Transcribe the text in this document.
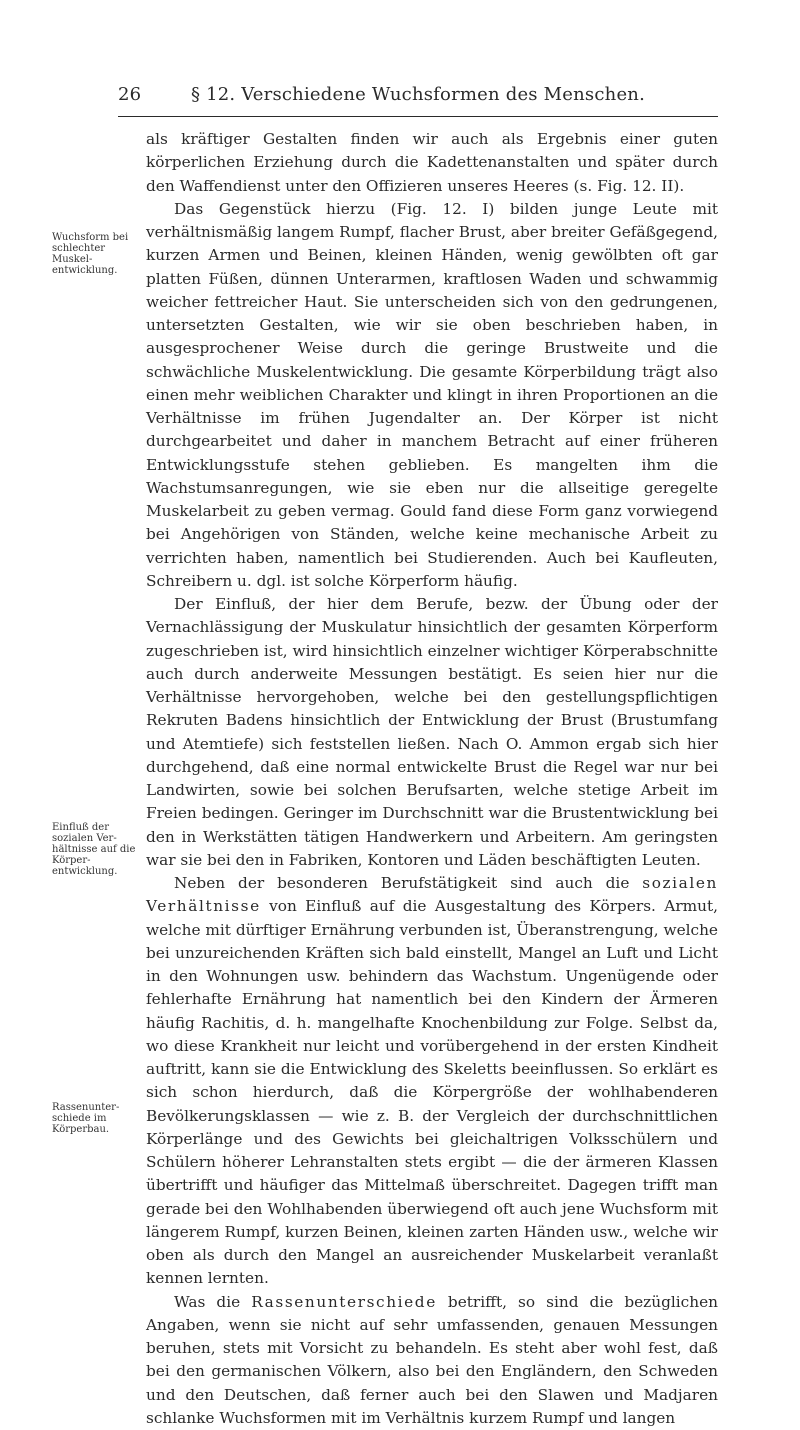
26	§ 12. Verschiedene Wuchsformen des Menschen.
Wuchsform bei schlechter Muskel-entwicklung.
Einfluß der sozialen Ver-hältnisse auf die Körper-entwicklung.
Rassenunter-schiede im Körperbau.

als kräftiger Gestalten finden wir auch als Ergebnis einer guten körperlichen Erziehung durch die Kadettenanstalten und später durch den Waffendienst unter den Offizieren unseres Heeres (s. Fig. 12. II).

Das Gegenstück hierzu (Fig. 12. I) bilden junge Leute mit verhältnismäßig langem Rumpf, flacher Brust, aber breiter Gefäßgegend, kurzen Armen und Beinen, kleinen Händen, wenig gewölbten oft gar platten Füßen, dünnen Unterarmen, kraftlosen Waden und schwammig weicher fettreicher Haut. Sie unterscheiden sich von den gedrungenen, untersetzten Gestalten, wie wir sie oben beschrieben haben, in ausgesprochener Weise durch die geringe Brustweite und die schwächliche Muskelentwicklung. Die gesamte Körperbildung trägt also einen mehr weiblichen Charakter und klingt in ihren Proportionen an die Verhältnisse im frühen Jugendalter an. Der Körper ist nicht durchgearbeitet und daher in manchem Betracht auf einer früheren Entwicklungsstufe stehen geblieben. Es mangelten ihm die Wachstumsanregungen, wie sie eben nur die allseitige geregelte Muskelarbeit zu geben vermag. Gould fand diese Form ganz vorwiegend bei Angehörigen von Ständen, welche keine mechanische Arbeit zu verrichten haben, namentlich bei Studierenden. Auch bei Kaufleuten, Schreibern u. dgl. ist solche Körperform häufig.

Der Einfluß, der hier dem Berufe, bezw. der Übung oder der Vernachlässigung der Muskulatur hinsichtlich der gesamten Körperform zugeschrieben ist, wird hinsichtlich einzelner wichtiger Körperabschnitte auch durch anderweite Messungen bestätigt. Es seien hier nur die Verhältnisse hervorgehoben, welche bei den gestellungspflichtigen Rekruten Badens hinsichtlich der Entwicklung der Brust (Brustumfang und Atemtiefe) sich feststellen ließen. Nach O. Ammon ergab sich hier durchgehend, daß eine normal entwickelte Brust die Regel war nur bei Landwirten, sowie bei solchen Berufsarten, welche stetige Arbeit im Freien bedingen. Geringer im Durchschnitt war die Brustentwicklung bei den in Werkstätten tätigen Handwerkern und Arbeitern. Am geringsten war sie bei den in Fabriken, Kontoren und Läden beschäftigten Leuten.

Neben der besonderen Berufstätigkeit sind auch die sozialen Verhältnisse von Einfluß auf die Ausgestaltung des Körpers. Armut, welche mit dürftiger Ernährung verbunden ist, Überanstrengung, welche bei unzureichenden Kräften sich bald einstellt, Mangel an Luft und Licht in den Wohnungen usw. behindern das Wachstum. Ungenügende oder fehlerhafte Ernährung hat namentlich bei den Kindern der Ärmeren häufig Rachitis, d. h. mangelhafte Knochenbildung zur Folge. Selbst da, wo diese Krankheit nur leicht und vorübergehend in der ersten Kindheit auftritt, kann sie die Entwicklung des Skeletts beeinflussen. So erklärt es sich schon hierdurch, daß die Körpergröße der wohlhabenderen Bevölkerungsklassen — wie z. B. der Vergleich der durchschnittlichen Körperlänge und des Gewichts bei gleichaltrigen Volksschülern und Schülern höherer Lehranstalten stets ergibt — die der ärmeren Klassen übertrifft und häufiger das Mittelmaß überschreitet. Dagegen trifft man gerade bei den Wohlhabenden überwiegend oft auch jene Wuchsform mit längerem Rumpf, kurzen Beinen, kleinen zarten Händen usw., welche wir oben als durch den Mangel an ausreichender Muskelarbeit veranlaßt kennen lernten.

Was die Rassenunterschiede betrifft, so sind die bezüglichen Angaben, wenn sie nicht auf sehr umfassenden, genauen Messungen beruhen, stets mit Vorsicht zu behandeln. Es steht aber wohl fest, daß bei den germanischen Völkern, also bei den Engländern, den Schweden und den Deutschen, daß ferner auch bei den Slawen und Madjaren schlanke Wuchsformen mit im Verhältnis kurzem Rumpf und langen
